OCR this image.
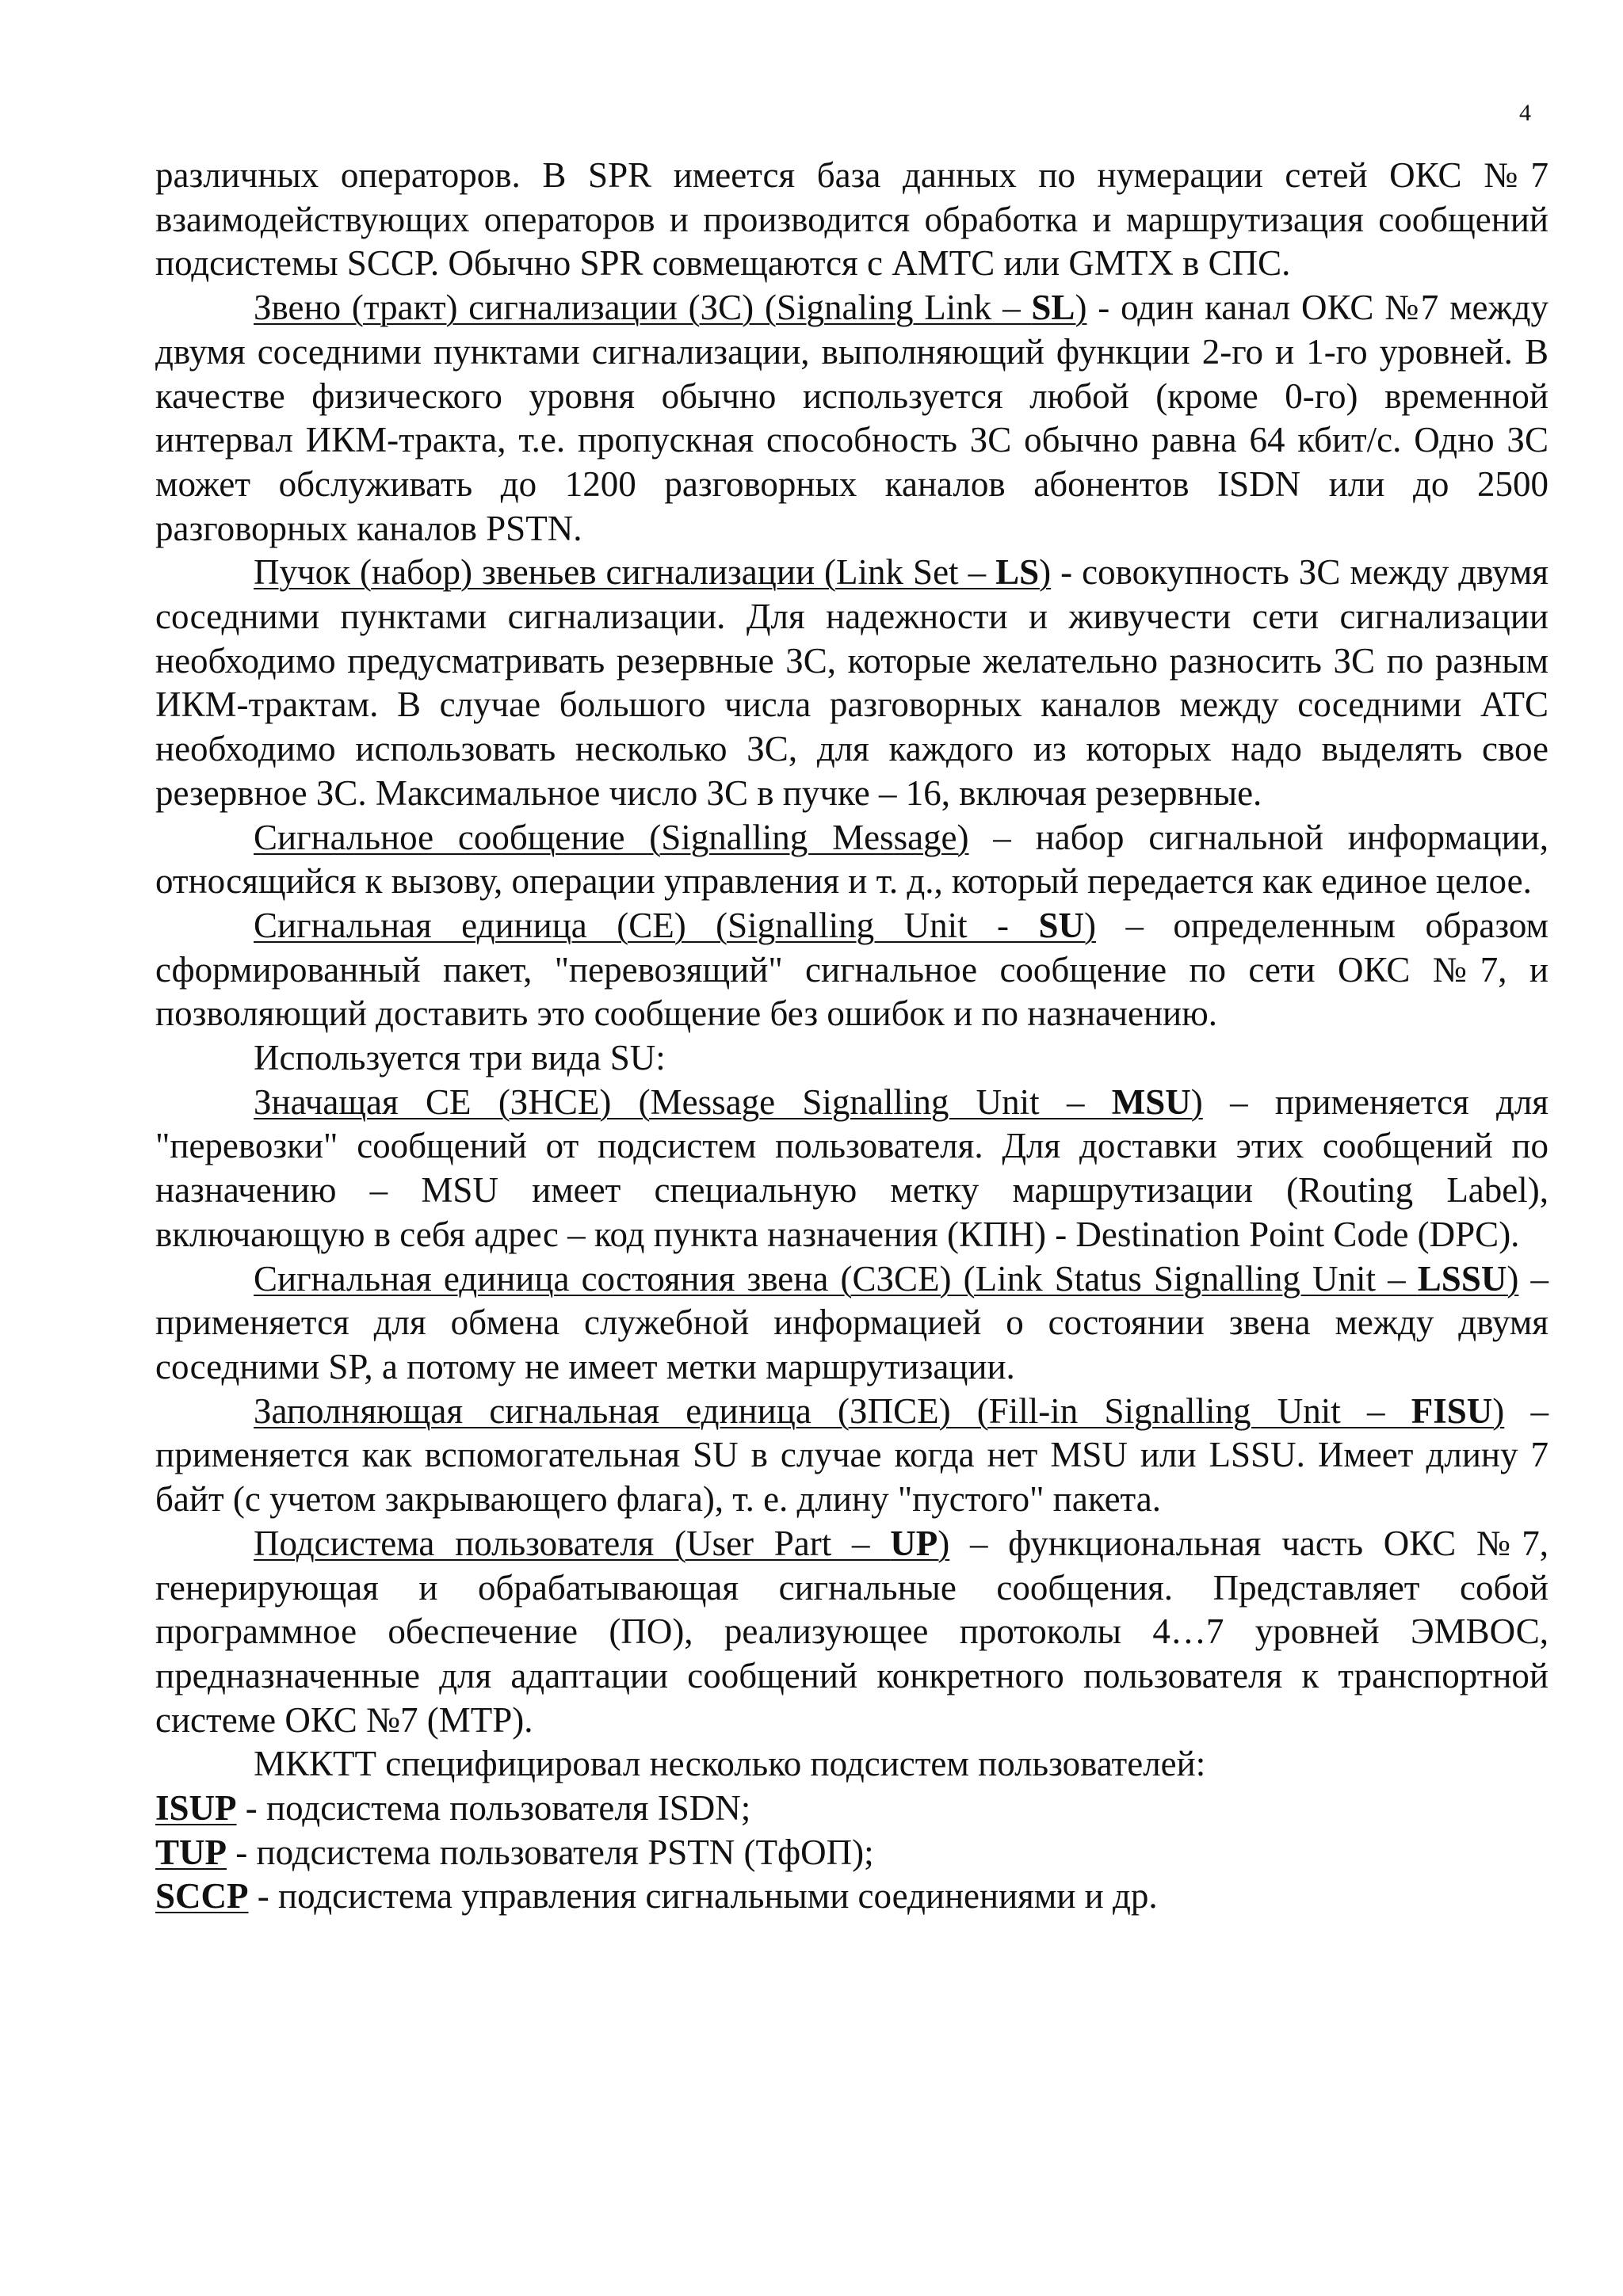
4

различных операторов. В SPR имеется база данных по нумерации сетей ОКС №7 взаимодействующих операторов и производится обработка и маршрутизация сообщений подсистемы SCCP. Обычно SPR совмещаются с АМТС или GMTX в СПС.

Звено (тракт) сигнализации (ЗС) (Signaling Link – SL) - один канал ОКС №7 между двумя соседними пунктами сигнализации, выполняющий функции 2-го и 1-го уровней. В качестве физического уровня обычно используется любой (кроме 0-го) временной интервал ИКМ-тракта, т.е. пропускная способность ЗС обычно равна 64 кбит/с. Одно ЗС может обслуживать до 1200 разговорных каналов абонентов ISDN или до 2500 разговорных каналов PSTN.

Пучок (набор) звеньев сигнализации (Link Set – LS) - совокупность ЗС между двумя соседними пунктами сигнализации. Для надежности и живучести сети сигнализации необходимо предусматривать резервные ЗС, которые желательно разносить ЗС по разным ИКМ-трактам. В случае большого числа разговорных каналов между соседними АТС необходимо использовать несколько ЗС, для каждого из которых надо выделять свое резервное ЗС. Максимальное число ЗС в пучке – 16, включая резервные.

Сигнальное сообщение (Signalling Message) – набор сигнальной информации, относящийся к вызову, операции управления и т. д., который передается как единое целое.

Сигнальная единица (СЕ) (Signalling Unit - SU) – определенным образом сформированный пакет, "перевозящий" сигнальное сообщение по сети ОКС №7, и позволяющий доставить это сообщение без ошибок и по назначению.

Используется три вида SU:

Значащая СЕ (ЗНСЕ) (Message Signalling Unit – MSU) – применяется для "перевозки" сообщений от подсистем пользователя. Для доставки этих сообщений по назначению – MSU имеет специальную метку маршрутизации (Routing Label), включающую в себя адрес – код пункта назначения (КПН) - Destination Point Code (DPC).

Сигнальная единица состояния звена (СЗСЕ) (Link Status Signalling Unit – LSSU) – применяется для обмена служебной информацией о состоянии звена между двумя соседними SP, а потому не имеет метки маршрутизации.

Заполняющая сигнальная единица (ЗПСЕ) (Fill-in Signalling Unit – FISU) – применяется как вспомогательная SU в случае когда нет MSU или LSSU. Имеет длину 7 байт (с учетом закрывающего флага), т. е. длину "пустого" пакета.

Подсистема пользователя (User Part – UP) – функциональная часть ОКС №7, генерирующая и обрабатывающая сигнальные сообщения. Представляет собой программное обеспечение (ПО), реализующее протоколы 4…7 уровней ЭМВОС, предназначенные для адаптации сообщений конкретного пользователя к транспортной системе ОКС №7 (МТР).

МККТТ специфицировал несколько подсистем пользователей:

ISUP - подсистема пользователя ISDN;

TUP - подсистема пользователя PSTN (ТфОП);

SCCP - подсистема управления сигнальными соединениями и др.
